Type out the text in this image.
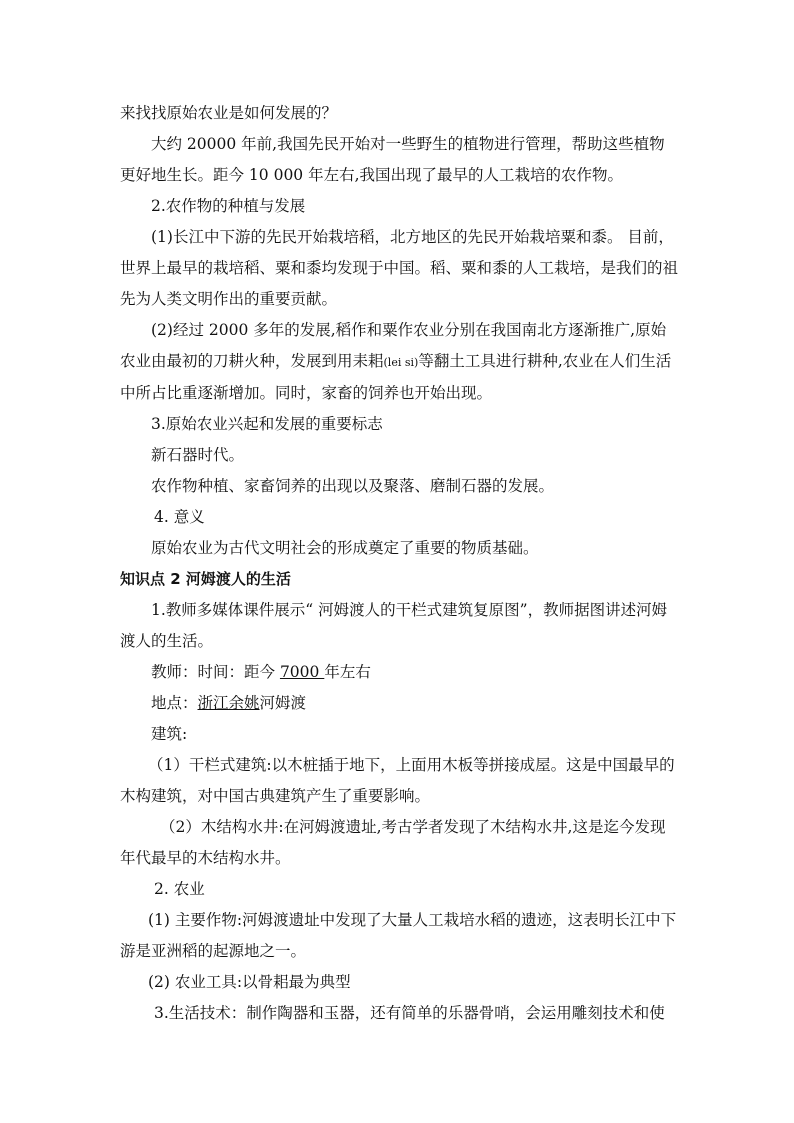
来找找原始农业是如何发展的？

大约 20000 年前,我国先民开始对一些野生的植物进行管理，帮助这些植物更好地生长。距今 10 000 年左右,我国出现了最早的人工栽培的农作物。

2.农作物的种植与发展

(1)长江中下游的先民开始栽培稻，北方地区的先民开始栽培粟和黍。 目前，世界上最早的栽培稻、粟和黍均发现于中国。稻、粟和黍的人工栽培，是我们的祖先为人类文明作出的重要贡献。

(2)经过 2000 多年的发展,稻作和粟作农业分别在我国南北方逐渐推广,原始农业由最初的刀耕火种，发展到用耒耜(lei si)等翻土工具进行耕种,农业在人们生活中所占比重逐渐增加。同时，家畜的饲养也开始出现。

3.原始农业兴起和发展的重要标志

新石器时代。

农作物种植、家畜饲养的出现以及聚落、磨制石器的发展。

4. 意义

原始农业为古代文明社会的形成奠定了重要的物质基础。

知识点 2 河姆渡人的生活

1.教师多媒体课件展示“ 河姆渡人的干栏式建筑复原图”，教师据图讲述河姆渡人的生活。

教师：时间：距今 7000 年左右

地点：浙江余姚河姆渡

建筑:

（1）干栏式建筑:以木桩插于地下，上面用木板等拼接成屋。这是中国最早的木构建筑，对中国古典建筑产生了重要影响。

（2）木结构水井:在河姆渡遗址,考古学者发现了木结构水井,这是迄今发现年代最早的木结构水井。

2. 农业

(1) 主要作物:河姆渡遗址中发现了大量人工栽培水稻的遗迹，这表明长江中下游是亚洲稻的起源地之一。

(2) 农业工具:以骨耜最为典型

3.生活技术：制作陶器和玉器，还有简单的乐器骨哨，会运用雕刻技术和使
